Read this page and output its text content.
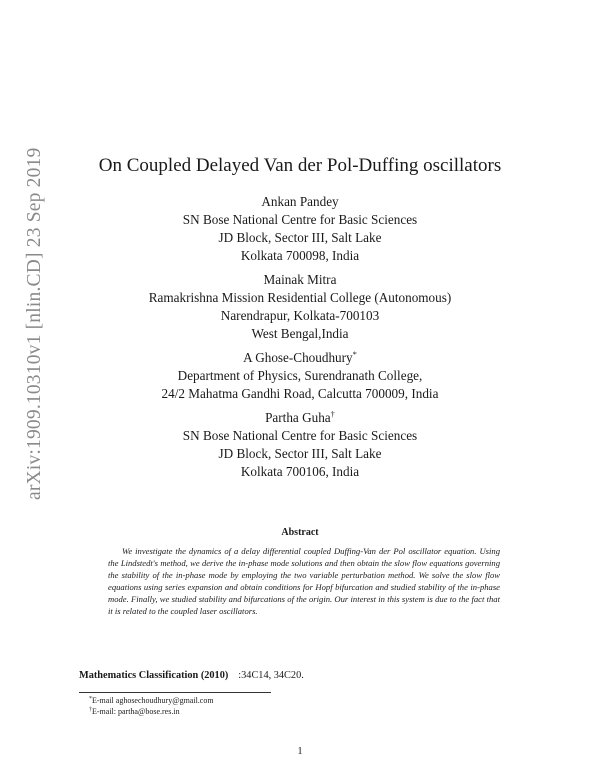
arXiv:1909.10310v1 [nlin.CD] 23 Sep 2019	On Coupled Delayed Van der Pol-Duffing oscillators
Ankan Pandey
SN Bose National Centre for Basic Sciences
JD Block, Sector III, Salt Lake
Kolkata 700098, India
Mainak Mitra
Ramakrishna Mission Residential College (Autonomous)
Narendrapur, Kolkata-700103
West Bengal,India
A Ghose-Choudhury*
Department of Physics, Surendranath College,
24/2 Mahatma Gandhi Road, Calcutta 700009, India
Partha Guha†
SN Bose National Centre for Basic Sciences
JD Block, Sector III, Salt Lake
Kolkata 700106, India
Abstract
We investigate the dynamics of a delay differential coupled Duffing-Van der Pol oscillator equation. Using the Lindstedt's method, we derive the in-phase mode solutions and then obtain the slow flow equations governing the stability of the in-phase mode by employing the two variable perturbation method. We solve the slow flow equations using series expansion and obtain conditions for Hopf bifurcation and studied stability of the in-phase mode. Finally, we studied stability and bifurcations of the origin. Our interest in this system is due to the fact that it is related to the coupled laser oscillators.
Mathematics Classification (2010) :34C14, 34C20.
*E-mail aghosechoudhury@gmail.com
†E-mail: partha@bose.res.in
1
